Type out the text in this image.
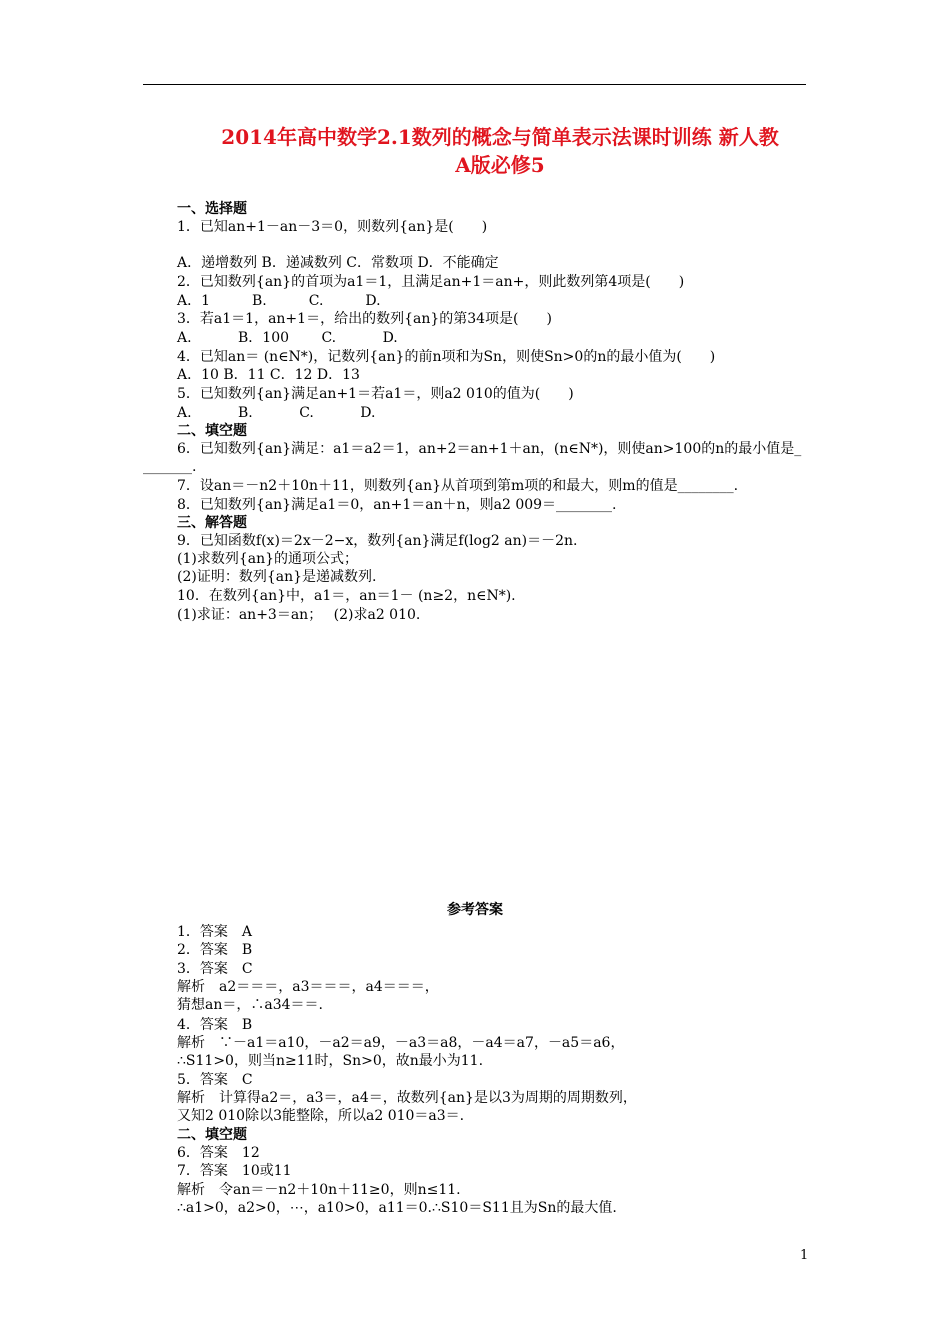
2014年高中数学2.1数列的概念与简单表示法课时训练 新人教
A版必修5
一、选择题
1．已知an+1－an－3＝0，则数列{an}是(　　)
A．递增数列 B．递减数列 C．常数项 D．不能确定
2．已知数列{an}的首项为a1＝1，且满足an+1＝an+，则此数列第4项是(　　)
A．1　　　B.　　　C.　　　D.
3．若a1＝1，an+1＝，给出的数列{an}的第34项是(　　)
A.　　　 B．100　　 C.　　　 D.
4．已知an＝ (n∈N*)，记数列{an}的前n项和为Sn，则使Sn>0的n的最小值为(　　)
A．10 B．11 C．12 D．13
5．已知数列{an}满足an+1＝若a1＝，则a2 010的值为(　　)
A.　　　 B.　　　 C.　　　 D.
二、填空题
6．已知数列{an}满足：a1＝a2＝1，an+2＝an+1＋an，(n∈N*)，则使an>100的n的最小值是_
_______.
7．设an＝－n2＋10n＋11，则数列{an}从首项到第m项的和最大，则m的值是________.
8．已知数列{an}满足a1＝0，an+1＝an＋n，则a2 009＝________.
三、解答题
9．已知函数f(x)＝2x－2−x，数列{an}满足f(log2 an)＝－2n.
(1)求数列{an}的通项公式；
(2)证明：数列{an}是递减数列.
10．在数列{an}中，a1＝，an＝1－ (n≥2，n∈N*).
(1)求证：an+3＝an；　 (2)求a2 010.
参考答案
1．答案　A
2．答案　B
3．答案　C
解析　a2＝＝＝，a3＝＝＝，a4＝＝＝，
猜想an＝，∴a34＝＝.
4．答案　B
解析　∵－a1＝a10，－a2＝a9，－a3＝a8，－a4＝a7，－a5＝a6，
∴S11>0，则当n≥11时，Sn>0，故n最小为11.
5．答案　C
解析　计算得a2＝，a3＝，a4＝，故数列{an}是以3为周期的周期数列，
又知2 010除以3能整除，所以a2 010＝a3＝.
二、填空题
6．答案　12
7．答案　10或11
解析　令an＝－n2＋10n＋11≥0，则n≤11.
∴a1>0，a2>0，⋯，a10>0，a11＝0.∴S10＝S11且为Sn的最大值.
1
